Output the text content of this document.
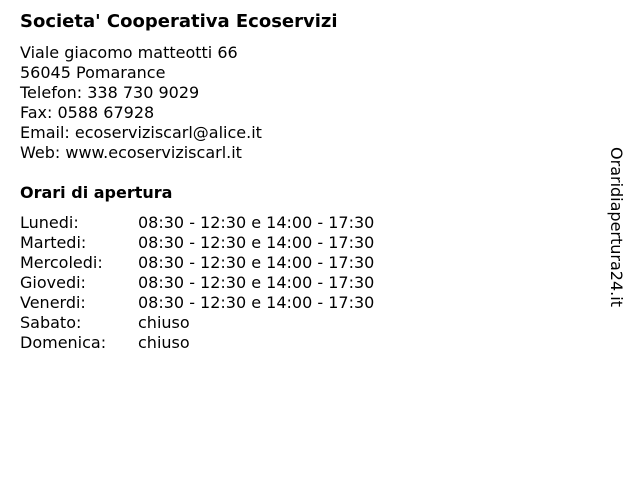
Societa' Cooperativa Ecoservizi
Viale giacomo matteotti 66
56045 Pomarance
Telefon: 338 730 9029
Fax: 0588 67928
Email: ecoserviziscarl@alice.it
Web: www.ecoserviziscarl.it
Orari di apertura
Lunedi:	08:30 - 12:30 e 14:00 - 17:30
Martedi:	08:30 - 12:30 e 14:00 - 17:30
Mercoledi: 08:30 - 12:30 e 14:00 - 17:30
Giovedi:	08:30 - 12:30 e 14:00 - 17:30
Venerdi:	08:30 - 12:30 e 14:00 - 17:30
Sabato:	chiuso
Domenica: chiuso
Oraridiapertura24.it
